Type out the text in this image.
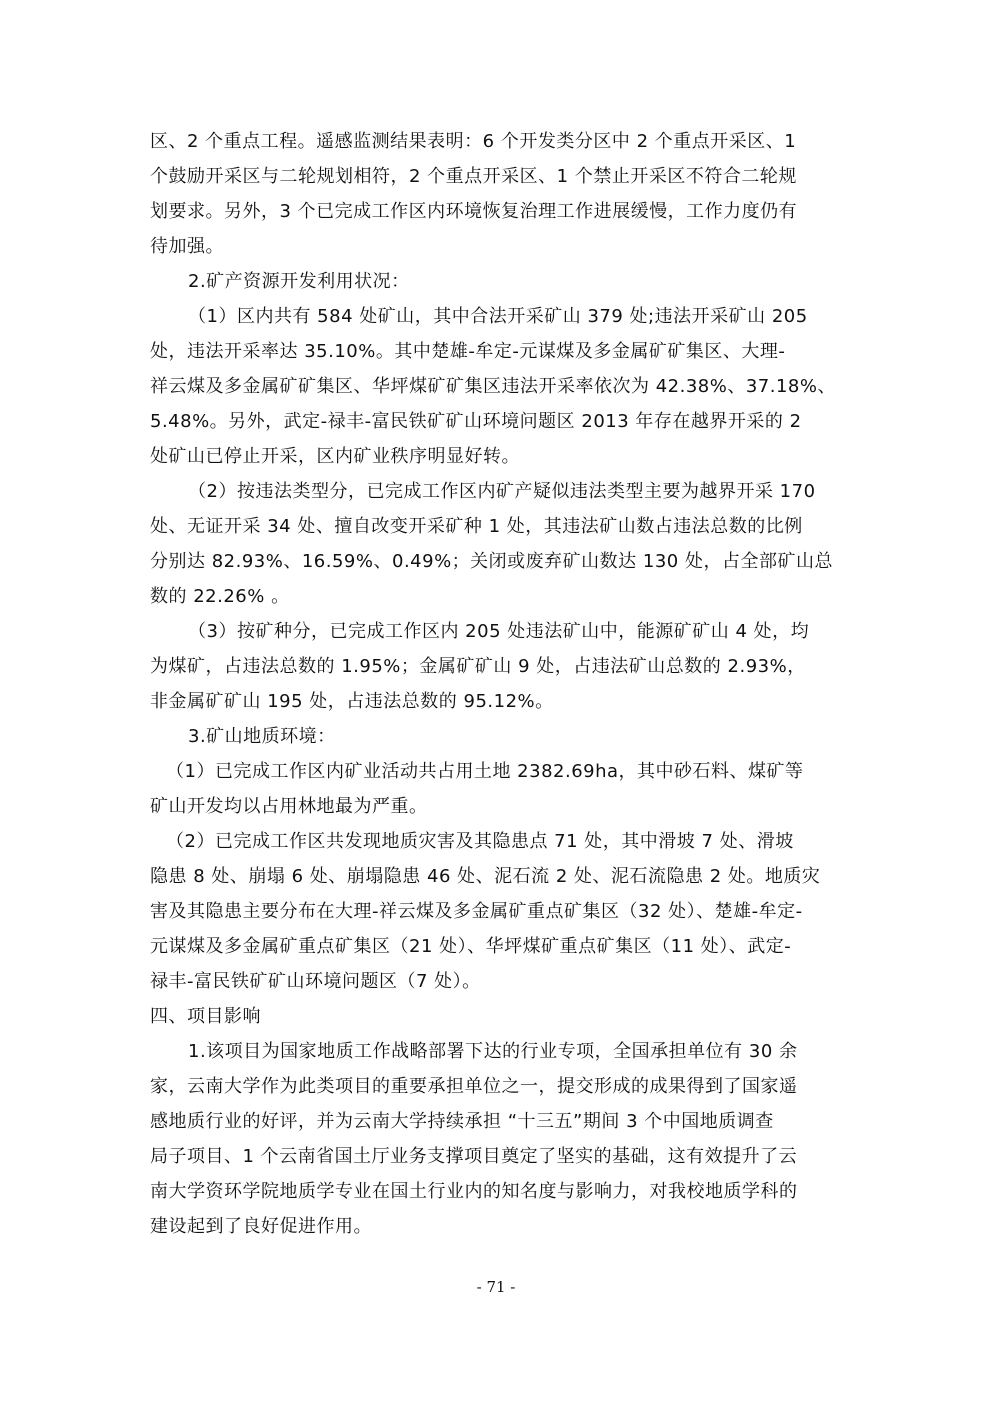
区、2 个重点工程。遥感监测结果表明：6 个开发类分区中 2 个重点开采区、1
个鼓励开采区与二轮规划相符，2 个重点开采区、1 个禁止开采区不符合二轮规
划要求。另外，3 个已完成工作区内环境恢复治理工作进展缓慢，工作力度仍有
待加强。
2.矿产资源开发利用状况：
（1）区内共有 584 处矿山，其中合法开采矿山 379 处;违法开采矿山 205
处，违法开采率达 35.10%。其中楚雄-牟定-元谋煤及多金属矿矿集区、大理-
祥云煤及多金属矿矿集区、华坪煤矿矿集区违法开采率依次为 42.38%、37.18%、
5.48%。另外，武定-禄丰-富民铁矿矿山环境问题区 2013 年存在越界开采的 2
处矿山已停止开采，区内矿业秩序明显好转。
（2）按违法类型分，已完成工作区内矿产疑似违法类型主要为越界开采 170
处、无证开采 34 处、擅自改变开采矿种 1 处，其违法矿山数占违法总数的比例
分别达 82.93%、16.59%、0.49%；关闭或废弃矿山数达 130 处，占全部矿山总
数的 22.26% 。
（3）按矿种分，已完成工作区内 205 处违法矿山中，能源矿矿山 4 处，均
为煤矿，占违法总数的 1.95%；金属矿矿山 9 处，占违法矿山总数的 2.93%，
非金属矿矿山 195 处，占违法总数的 95.12%。
3.矿山地质环境：
（1）已完成工作区内矿业活动共占用土地 2382.69ha，其中砂石料、煤矿等
矿山开发均以占用林地最为严重。
（2）已完成工作区共发现地质灾害及其隐患点 71 处，其中滑坡 7 处、滑坡
隐患 8 处、崩塌 6 处、崩塌隐患 46 处、泥石流 2 处、泥石流隐患 2 处。地质灾
害及其隐患主要分布在大理-祥云煤及多金属矿重点矿集区（32 处）、楚雄-牟定-
元谋煤及多金属矿重点矿集区（21 处）、华坪煤矿重点矿集区（11 处）、武定-
禄丰-富民铁矿矿山环境问题区（7 处）。
四、项目影响
1.该项目为国家地质工作战略部署下达的行业专项，全国承担单位有 30 余
家，云南大学作为此类项目的重要承担单位之一，提交形成的成果得到了国家遥
感地质行业的好评，并为云南大学持续承担 “十三五”期间 3 个中国地质调查
局子项目、1 个云南省国土厅业务支撑项目奠定了坚实的基础，这有效提升了云
南大学资环学院地质学专业在国土行业内的知名度与影响力，对我校地质学科的
建设起到了良好促进作用。
- 71 -
